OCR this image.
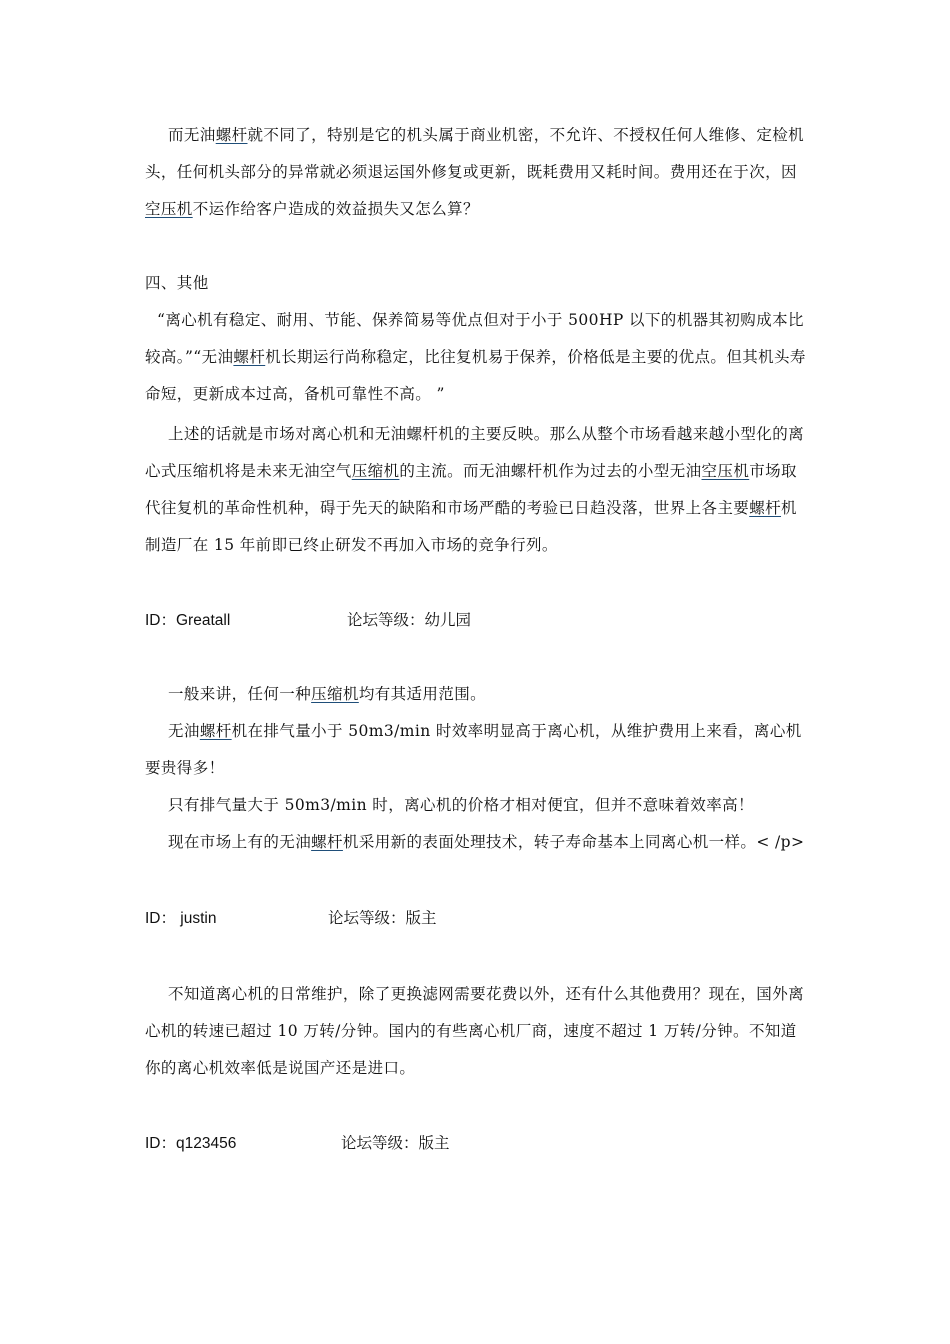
而无油螺杆就不同了，特别是它的机头属于商业机密，不允许、不授权任何人维修、定检机头，任何机头部分的异常就必须退运国外修复或更新，既耗费用又耗时间。费用还在于次，因空压机不运作给客户造成的效益损失又怎么算？

四、其他

“离心机有稳定、耐用、节能、保养简易等优点但对于小于 500HP 以下的机器其初购成本比较高。”“无油螺杆机长期运行尚称稳定，比往复机易于保养，价格低是主要的优点。但其机头寿命短，更新成本过高，备机可靠性不高。 ”

上述的话就是市场对离心机和无油螺杆机的主要反映。那么从整个市场看越来越小型化的离心式压缩机将是未来无油空气压缩机的主流。而无油螺杆机作为过去的小型无油空压机市场取代往复机的革命性机种，碍于先天的缺陷和市场严酷的考验已日趋没落，世界上各主要螺杆机制造厂在 15 年前即已终止研发不再加入市场的竞争行列。

ID：Greatall	论坛等级：幼儿园

一般来讲，任何一种压缩机均有其适用范围。

无油螺杆机在排气量小于 50m3/min 时效率明显高于离心机，从维护费用上来看，离心机要贵得多！

只有排气量大于 50m3/min 时，离心机的价格才相对便宜，但并不意味着效率高！

现在市场上有的无油螺杆机采用新的表面处理技术，转子寿命基本上同离心机一样。< /p>

ID： justin	论坛等级：版主

不知道离心机的日常维护，除了更换滤网需要花费以外，还有什么其他费用？现在，国外离心机的转速已超过 10 万转/分钟。国内的有些离心机厂商，速度不超过 1 万转/分钟。不知道你的离心机效率低是说国产还是进口。

ID：q123456	论坛等级：版主
